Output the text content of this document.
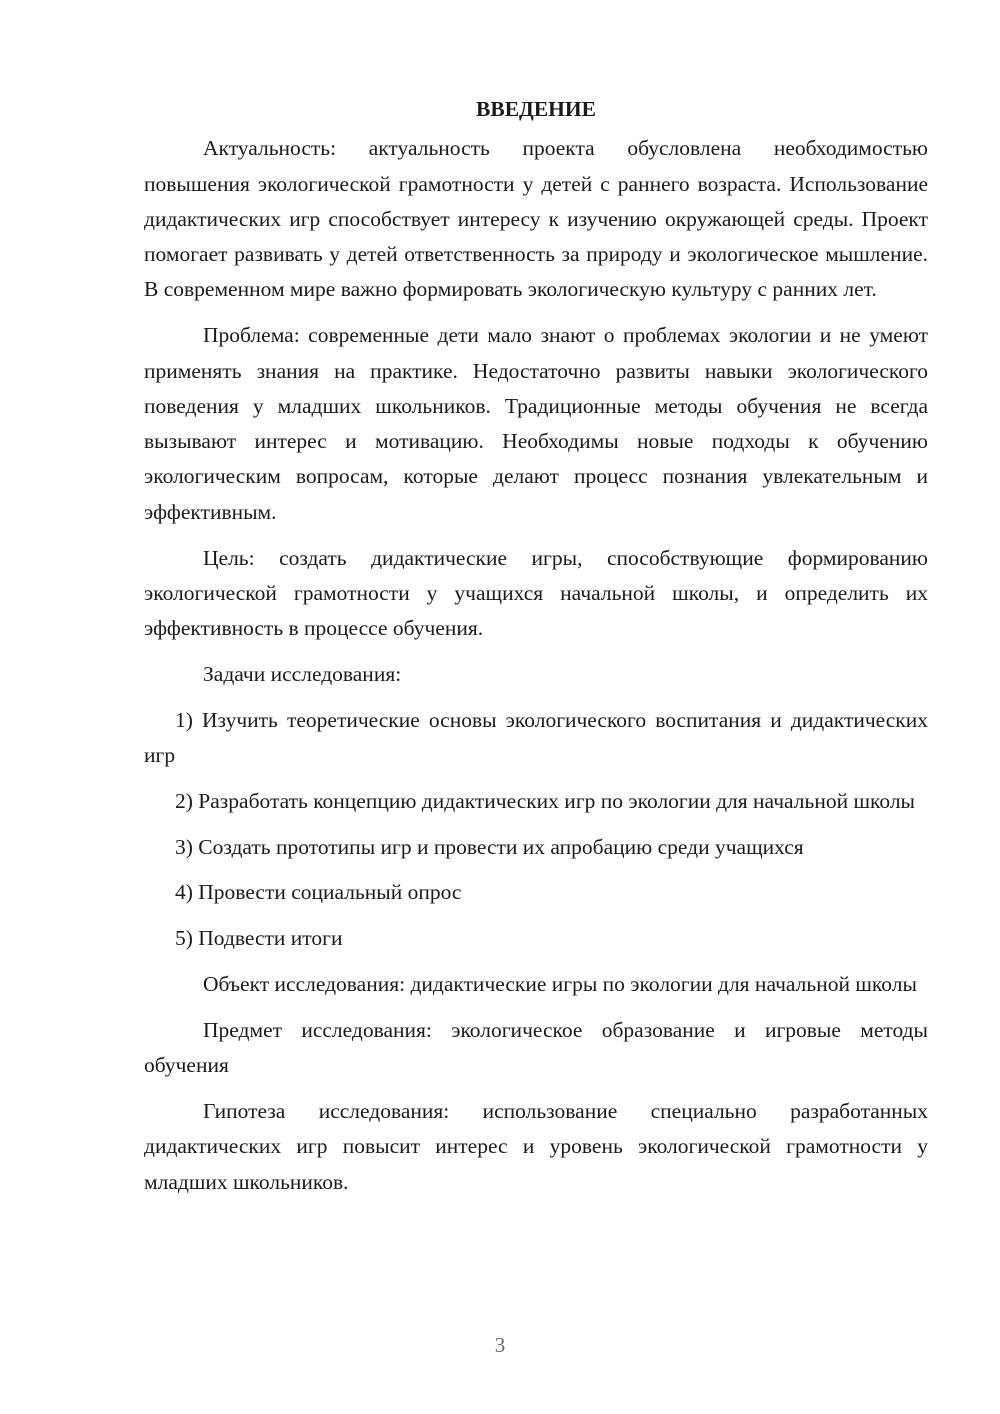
ВВЕДЕНИЕ

Актуальность: актуальность проекта обусловлена необходимостью повышения экологической грамотности у детей с раннего возраста. Использование дидактических игр способствует интересу к изучению окружающей среды. Проект помогает развивать у детей ответственность за природу и экологическое мышление. В современном мире важно формировать экологическую культуру с ранних лет.

Проблема: современные дети мало знают о проблемах экологии и не умеют применять знания на практике. Недостаточно развиты навыки экологического поведения у младших школьников. Традиционные методы обучения не всегда вызывают интерес и мотивацию. Необходимы новые подходы к обучению экологическим вопросам, которые делают процесс познания увлекательным и эффективным.

Цель: создать дидактические игры, способствующие формированию экологической грамотности у учащихся начальной школы, и определить их эффективность в процессе обучения.

Задачи исследования:

1) Изучить теоретические основы экологического воспитания и дидактических игр

2) Разработать концепцию дидактических игр по экологии для начальной школы

3) Создать прототипы игр и провести их апробацию среди учащихся

4) Провести социальный опрос

5) Подвести итоги

Объект исследования: дидактические игры по экологии для начальной школы

Предмет исследования: экологическое образование и игровые методы обучения

Гипотеза исследования: использование специально разработанных дидактических игр повысит интерес и уровень экологической грамотности у младших школьников.

3
